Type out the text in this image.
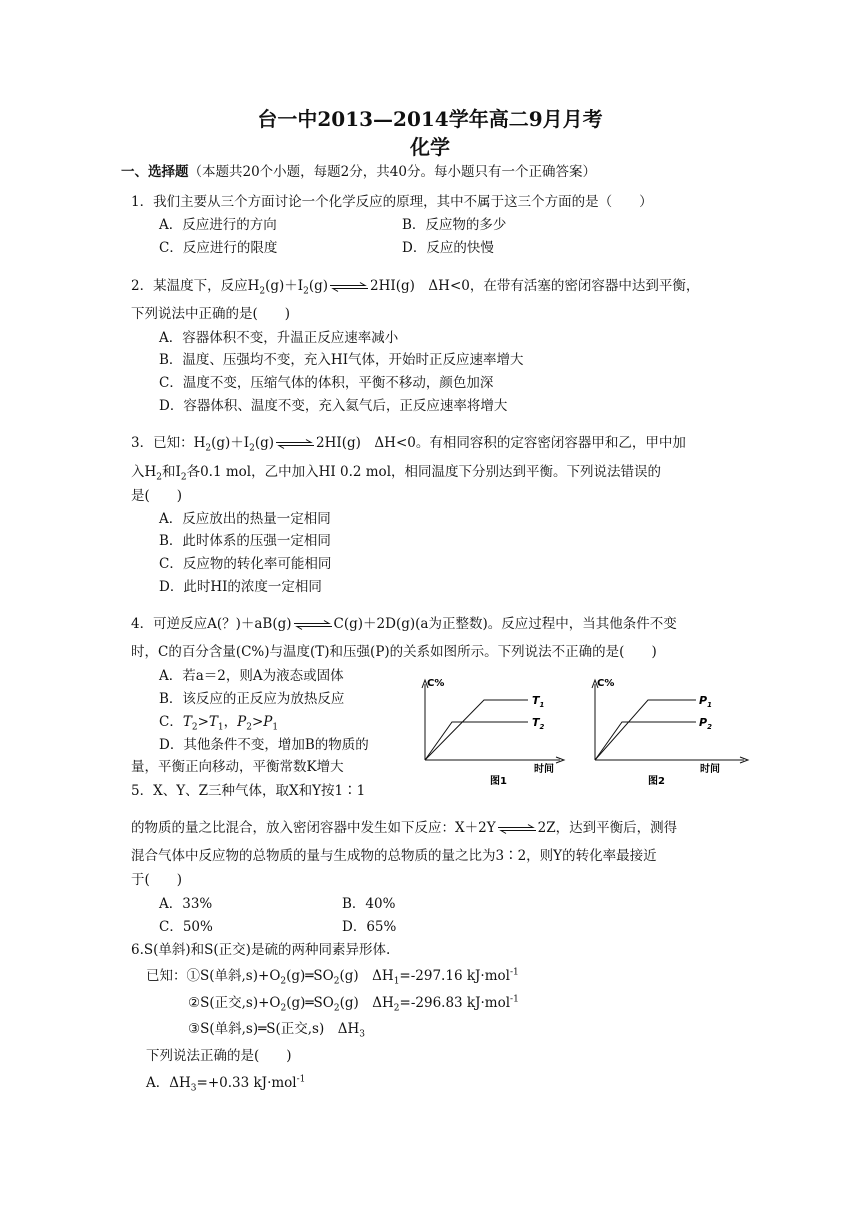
台一中2013—2014学年高二9月月考
化学
一、选择题（本题共20个小题，每题2分，共40分。每小题只有一个正确答案）
1．我们主要从三个方面讨论一个化学反应的原理，其中不属于这三个方面的是（　　）
A．反应进行的方向	B．反应物的多少
C．反应进行的限度	D．反应的快慢
2．某温度下，反应$H_2(g)+I_2(g)\rightleftharpoons 2HI(g)$　ΔH<0，在带有活塞的密闭容器中达到平衡，
下列说法中正确的是(　　)
A．容器体积不变，升温正反应速率减小
B．温度、压强均不变，充入HI气体，开始时正反应速率增大
C．温度不变，压缩气体的体积，平衡不移动，颜色加深
D．容器体积、温度不变，充入氦气后，正反应速率将增大
3．已知：$H_2(g)+I_2(g)\rightleftharpoons 2HI(g)$　ΔH<0。有相同容积的定容密闭容器甲和乙，甲中加
入$H_2$和$I_2$各0.1 mol，乙中加入HI 0.2 mol，相同温度下分别达到平衡。下列说法错误的
是(　　)
A．反应放出的热量一定相同
B．此时体系的压强一定相同
C．反应物的转化率可能相同
D．此时HI的浓度一定相同
4．可逆反应A(？)＋aB(g)⇌C(g)＋2D(g)(a为正整数)。反应过程中，当其他条件不变
时，C的百分含量(C%)与温度(T)和压强(P)的关系如图所示。下列说法不正确的是(　　)
A．若a＝2，则A为液态或固体
B．该反应的正反应为放热反应
C．$T_2>T_1$，$P_2>P_1$
D．其他条件不变，增加B的物质的
量，平衡正向移动，平衡常数K增大
C%
$T_1$
$T_2$
时间
图1
C%
$P_1$
$P_2$
时间
图2
5．X、Y、Z三种气体，取X和Y按1∶1
的物质的量之比混合，放入密闭容器中发生如下反应：X＋2Y⇌2Z，达到平衡后，测得
混合气体中反应物的总物质的量与生成物的总物质的量之比为3∶2，则Y的转化率最接近
于(　　)
A．33%	B．40%
C．50%	D．65%
6.S(单斜)和S(正交)是硫的两种同素异形体.
已知：①S(单斜$,s)+O_2(g)═SO_2(g)$　$\Delta H_1=-297.16$ kJ·mol$^{-1}$
②S(正交$,s)+O_2(g)═SO_2(g)$　$\Delta H_2=-296.83$ kJ·mol$^{-1}$
③S(单斜,s)═S(正交,s)　$\Delta H_3$
下列说法正确的是(　　)
A．$\Delta H_3=+0.33$ kJ·mol$^{-1}$
